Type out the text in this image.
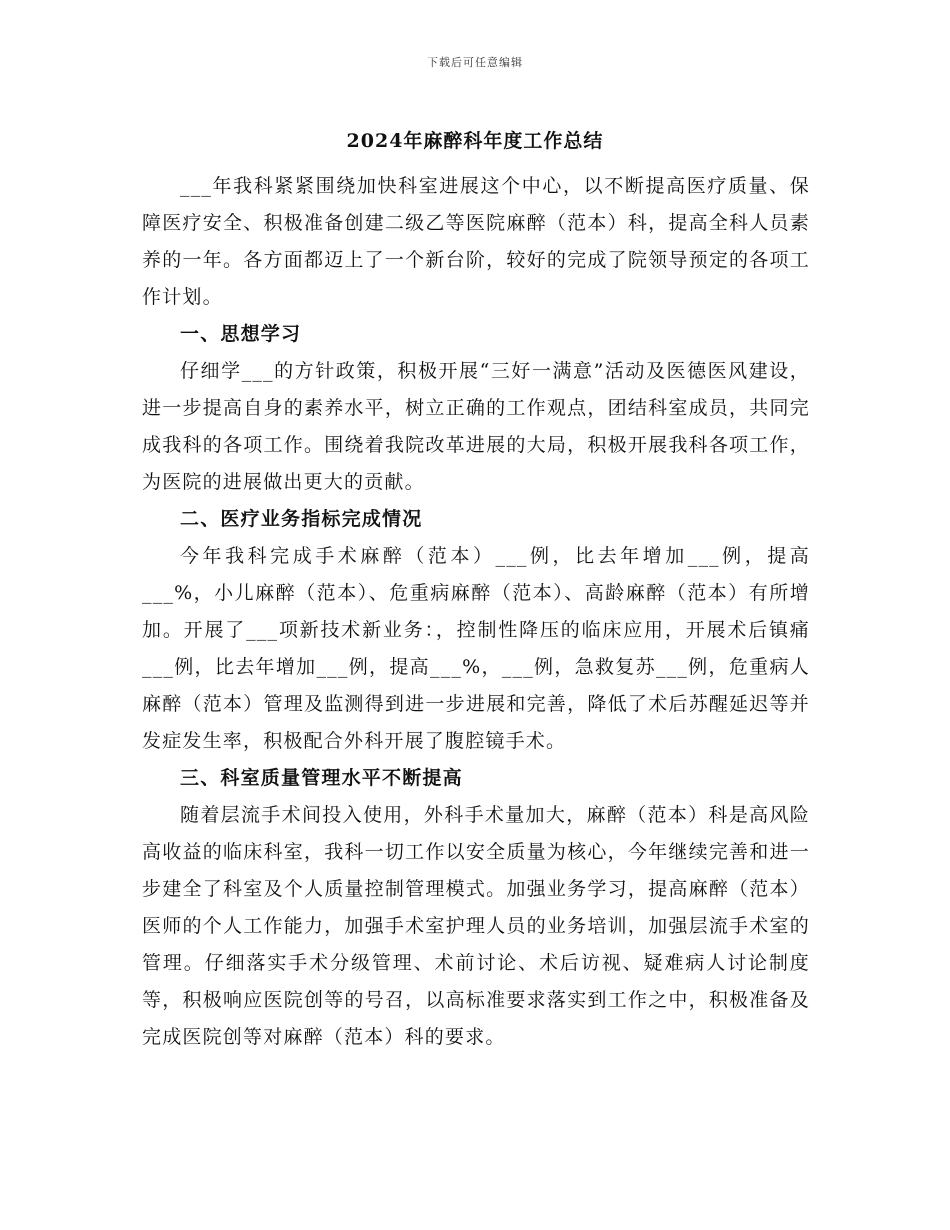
下载后可任意编辑
2024年麻醉科年度工作总结

___年我科紧紧围绕加快科室进展这个中心，以不断提高医疗质量、保障医疗安全、积极准备创建二级乙等医院麻醉（范本）科，提高全科人员素养的一年。各方面都迈上了一个新台阶，较好的完成了院领导预定的各项工作计划。

一、思想学习

仔细学___的方针政策，积极开展“三好一满意”活动及医德医风建设，进一步提高自身的素养水平，树立正确的工作观点，团结科室成员，共同完成我科的各项工作。围绕着我院改革进展的大局，积极开展我科各项工作，为医院的进展做出更大的贡献。

二、医疗业务指标完成情况

今年我科完成手术麻醉（范本）___例，比去年增加___例，提高___%，小儿麻醉（范本）、危重病麻醉（范本）、高龄麻醉（范本）有所增加。开展了___项新技术新业务：，控制性降压的临床应用，开展术后镇痛___例，比去年增加___例，提高___%，___例，急救复苏___例，危重病人麻醉（范本）管理及监测得到进一步进展和完善，降低了术后苏醒延迟等并发症发生率，积极配合外科开展了腹腔镜手术。

三、科室质量管理水平不断提高

随着层流手术间投入使用，外科手术量加大，麻醉（范本）科是高风险高收益的临床科室，我科一切工作以安全质量为核心，今年继续完善和进一步建全了科室及个人质量控制管理模式。加强业务学习，提高麻醉（范本）医师的个人工作能力，加强手术室护理人员的业务培训，加强层流手术室的管理。仔细落实手术分级管理、术前讨论、术后访视、疑难病人讨论制度等，积极响应医院创等的号召，以高标准要求落实到工作之中，积极准备及完成医院创等对麻醉（范本）科的要求。
